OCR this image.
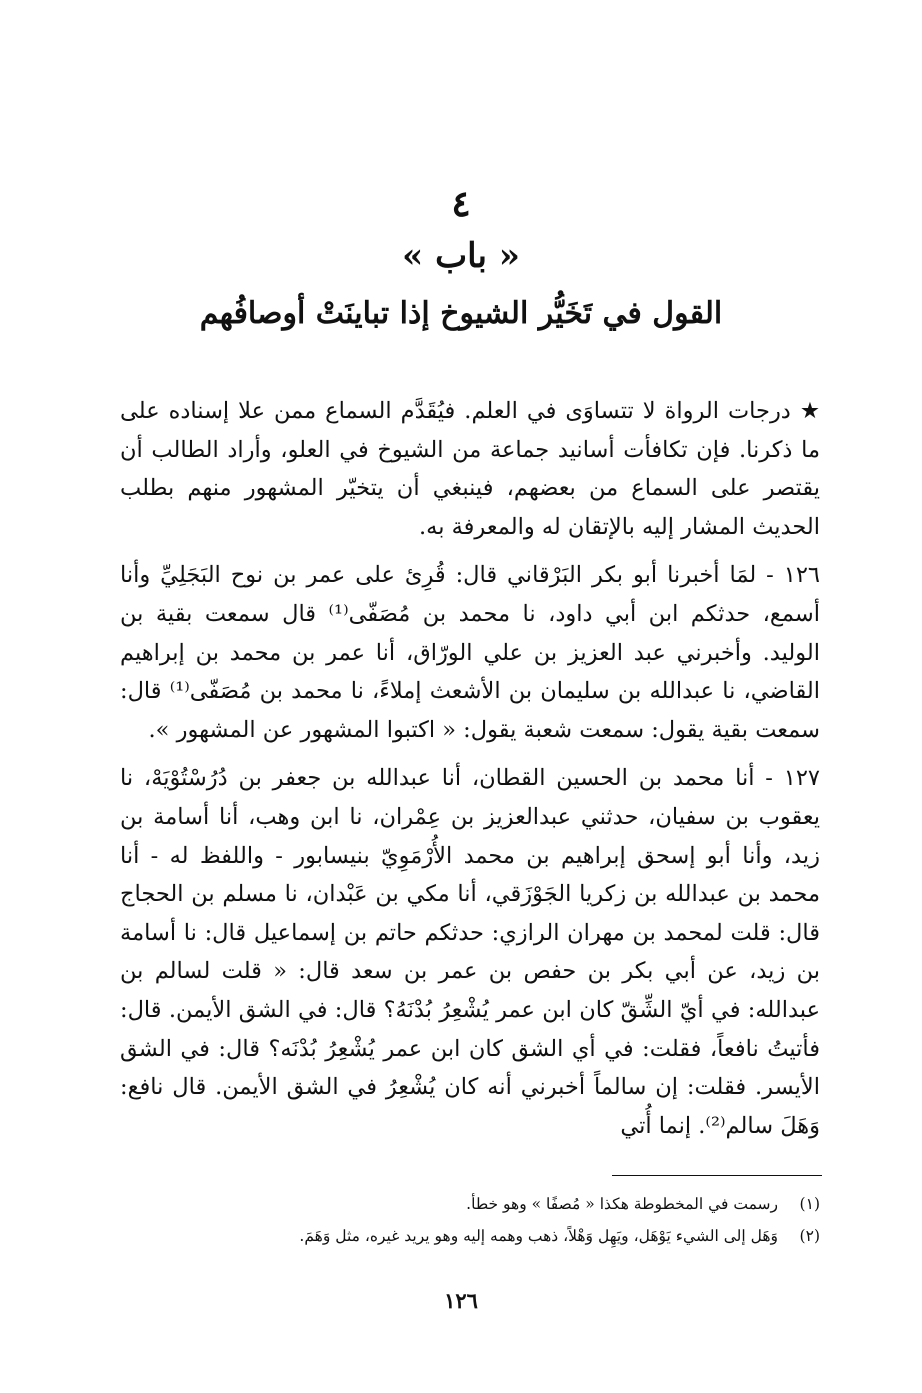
٤
« باب »
القول في تَخَيُّر الشيوخ إذا تباينَتْ أوصافُهم

★ درجات الرواة لا تتساوَى في العلم. فيُقَدَّم السماع ممن علا إسناده على ما ذكرنا. فإن تكافأت أسانيد جماعة من الشيوخ في العلو، وأراد الطالب أن يقتصر على السماع من بعضهم، فينبغي أن يتخيّر المشهور منهم بطلب الحديث المشار إليه بالإتقان له والمعرفة به.

١٢٦ - لمَا أخبرنا أبو بكر البَرْقاني قال: قُرِئ على عمر بن نوح البَجَلِيِّ وأنا أسمع، حدثكم ابن أبي داود، نا محمد بن مُصَفّى⁽¹⁾ قال سمعت بقية بن الوليد. وأخبرني عبد العزيز بن علي الورّاق، أنا عمر بن محمد بن إبراهيم القاضي، نا عبدالله بن سليمان بن الأشعث إملاءً، نا محمد بن مُصَفّى⁽¹⁾ قال: سمعت بقية يقول: سمعت شعبة يقول: « اكتبوا المشهور عن المشهور ».

١٢٧ - أنا محمد بن الحسين القطان، أنا عبدالله بن جعفر بن دُرُسْتُوْيَهْ، نا يعقوب بن سفيان، حدثني عبدالعزيز بن عِمْران، نا ابن وهب، أنا أسامة بن زيد، وأنا أبو إسحق إبراهيم بن محمد الأُرْمَوِيّ بنيسابور - واللفظ له - أنا محمد بن عبدالله بن زكريا الجَوْزَقي، أنا مكي بن عَبْدان، نا مسلم بن الحجاج قال: قلت لمحمد بن مهران الرازي: حدثكم حاتم بن إسماعيل قال: نا أسامة بن زيد، عن أبي بكر بن حفص بن عمر بن سعد قال: « قلت لسالم بن عبدالله: في أيّ الشِّقّ كان ابن عمر يُشْعِرُ بُدْنَهُ؟ قال: في الشق الأيمن. قال: فأتيتُ نافعاً، فقلت: في أي الشق كان ابن عمر يُشْعِرُ بُدْنَه؟ قال: في الشق الأيسر. فقلت: إن سالماً أخبرني أنه كان يُشْعِرُ في الشق الأيمن. قال نافع: وَهَلَ سالم⁽²⁾. إنما أُتي

(١)
رسمت في المخطوطة هكذا « مُصفًا » وهو خطأ.
(٢)
وَهَل إلى الشيء يَوْهَل، ويَهِل وَهْلاً، ذهب وهمه إليه وهو يريد غيره، مثل وَهَمَ.
١٢٦
